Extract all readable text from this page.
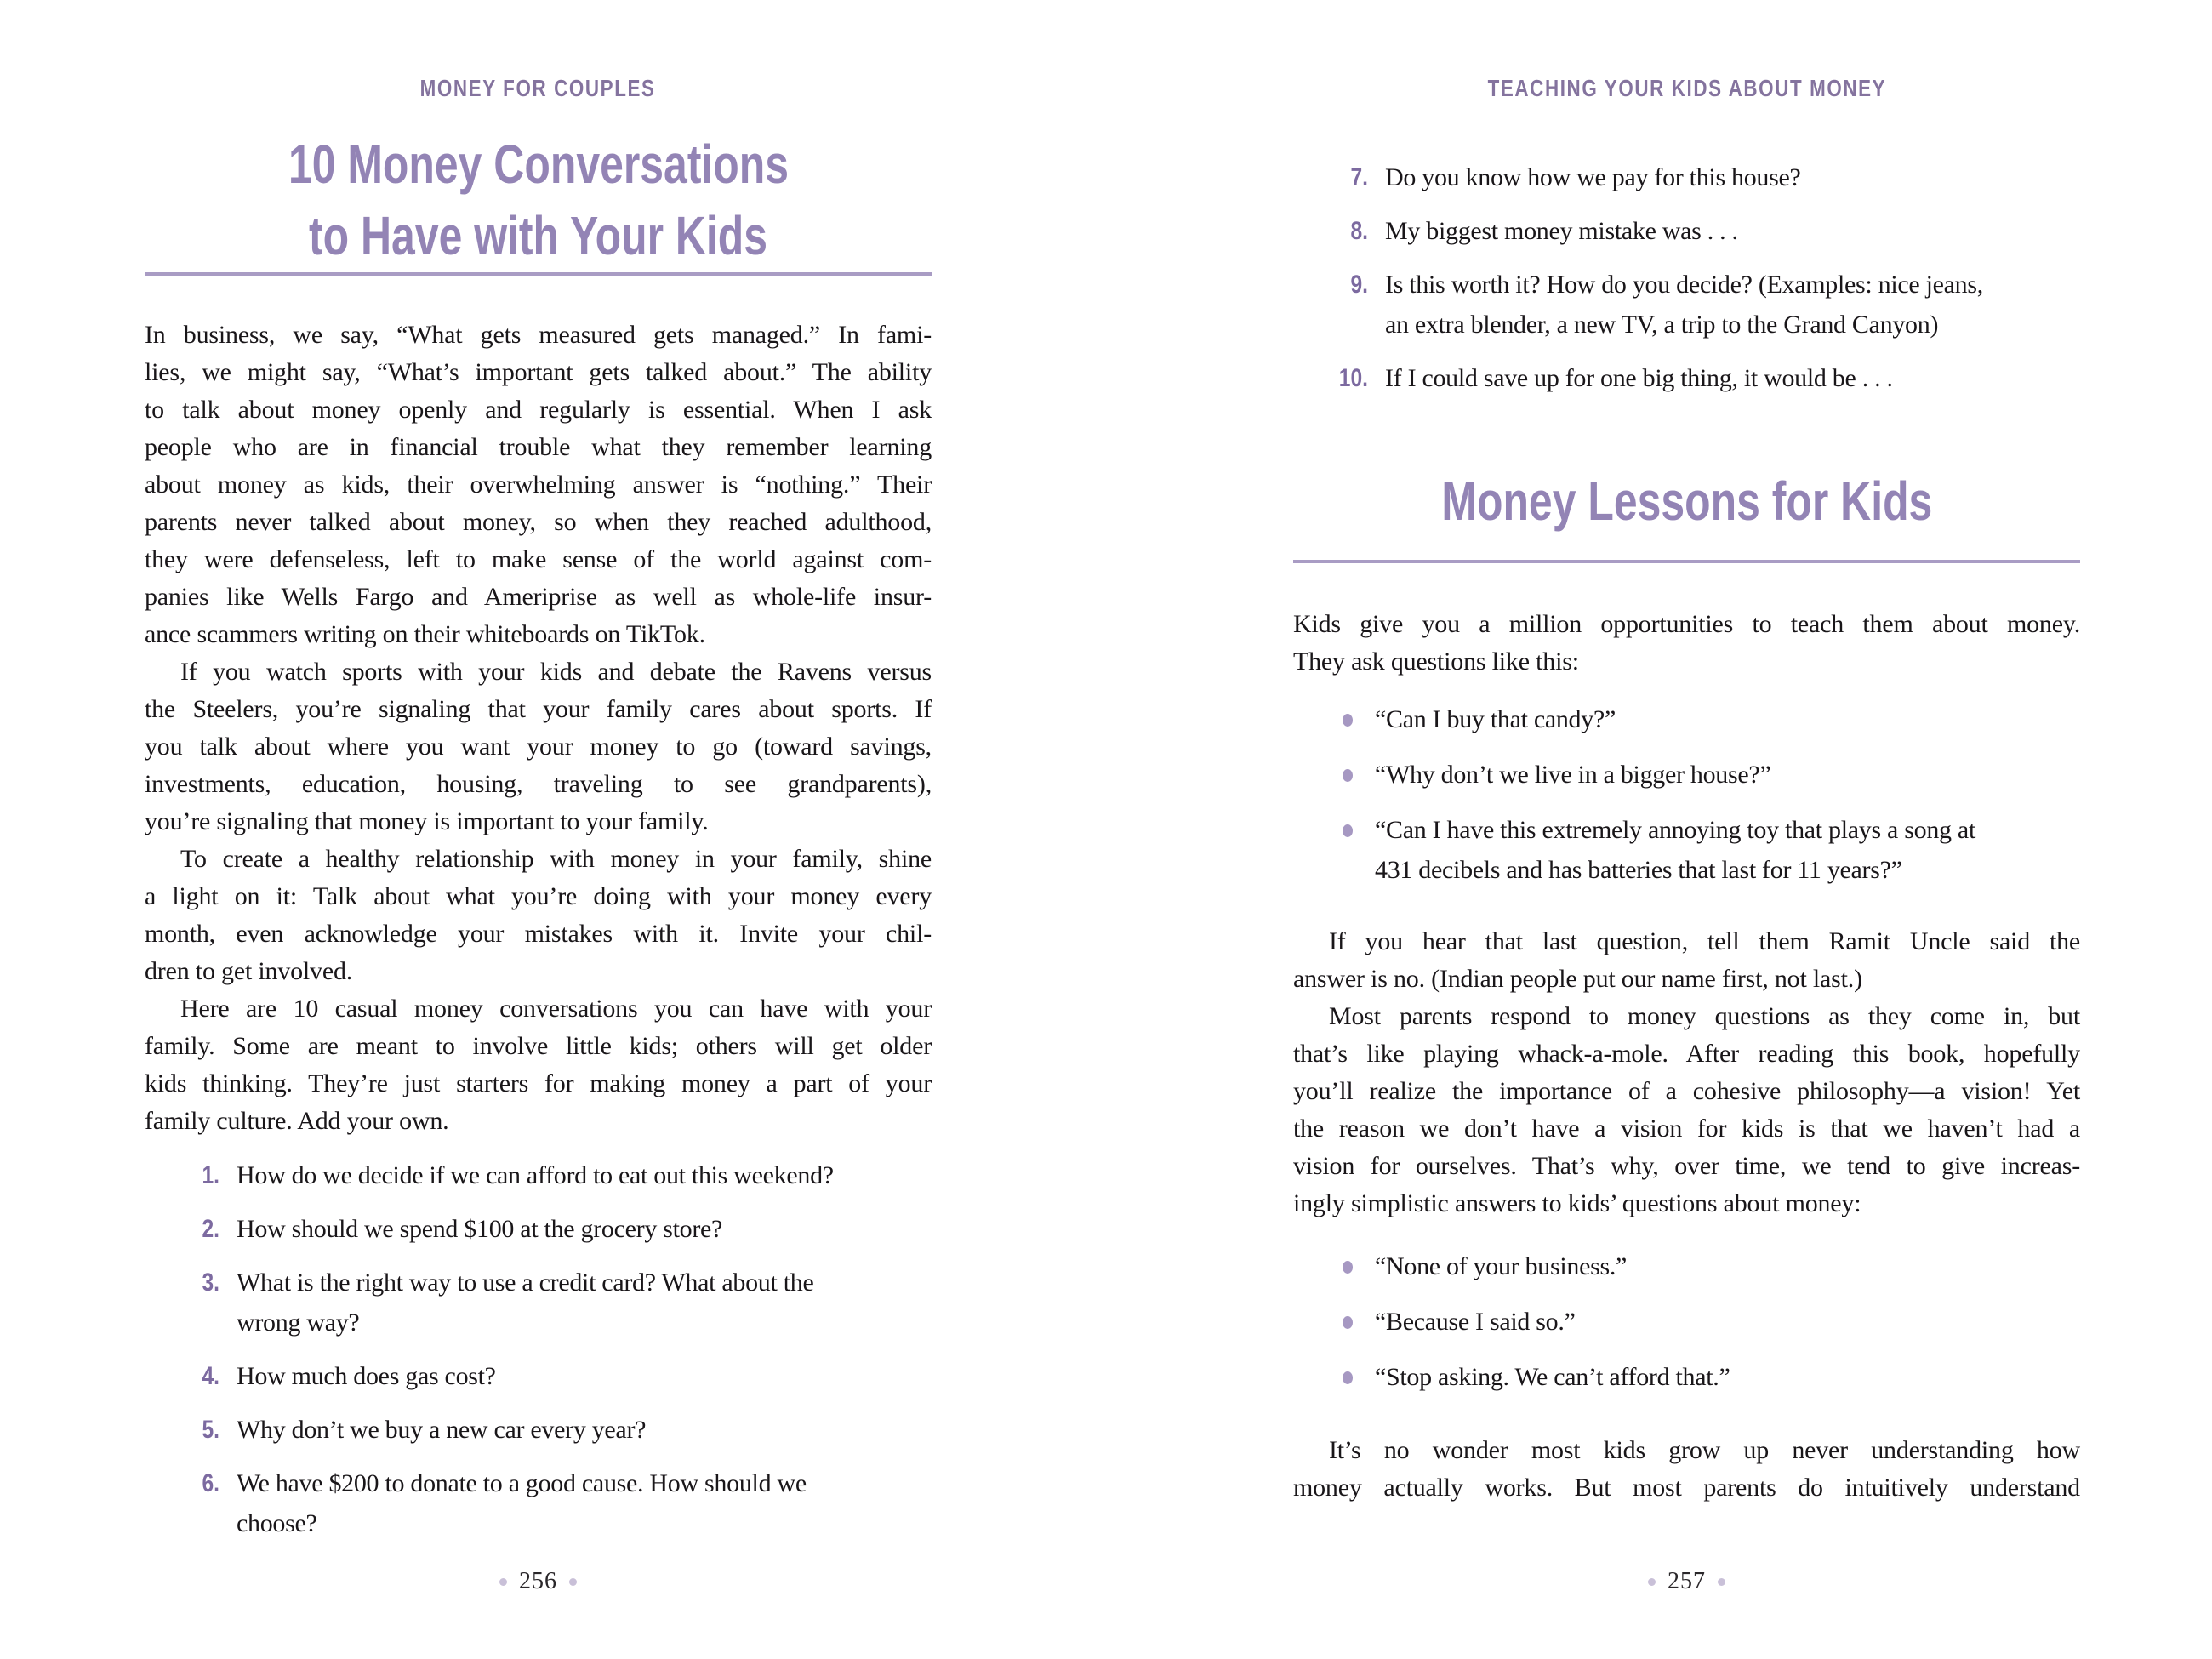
MONEY FOR COUPLES
10 Money Conversations
to Have with Your Kids
In business, we say, “What gets measured gets managed.” In fami-
lies, we might say, “What’s important gets talked about.” The ability
to talk about money openly and regularly is essential. When I ask
people who are in financial trouble what they remember learning
about money as kids, their overwhelming answer is “nothing.” Their
parents never talked about money, so when they reached adulthood,
they were defenseless, left to make sense of the world against com-
panies like Wells Fargo and Ameriprise as well as whole-life insur-
ance scammers writing on their whiteboards on TikTok.
If you watch sports with your kids and debate the Ravens versus
the Steelers, you’re signaling that your family cares about sports. If
you talk about where you want your money to go (toward savings,
investments, education, housing, traveling to see grandparents),
you’re signaling that money is important to your family.
To create a healthy relationship with money in your family, shine
a light on it: Talk about what you’re doing with your money every
month, even acknowledge your mistakes with it. Invite your chil-
dren to get involved.
Here are 10 casual money conversations you can have with your
family. Some are meant to involve little kids; others will get older
kids thinking. They’re just starters for making money a part of your
family culture. Add your own.
1. How do we decide if we can afford to eat out this weekend?
2. How should we spend $100 at the grocery store?
3. What is the right way to use a credit card? What about the
wrong way?
4. How much does gas cost?
5. Why don’t we buy a new car every year?
6. We have $200 to donate to a good cause. How should we
choose?
256
TEACHING YOUR KIDS ABOUT MONEY
7. Do you know how we pay for this house?
8. My biggest money mistake was . . .
9. Is this worth it? How do you decide? (Examples: nice jeans,
an extra blender, a new TV, a trip to the Grand Canyon)
10. If I could save up for one big thing, it would be . . .
Money Lessons for Kids
Kids give you a million opportunities to teach them about money.
They ask questions like this:
“Can I buy that candy?”
“Why don’t we live in a bigger house?”
“Can I have this extremely annoying toy that plays a song at
431 decibels and has batteries that last for 11 years?”
If you hear that last question, tell them Ramit Uncle said the
answer is no. (Indian people put our name first, not last.)
Most parents respond to money questions as they come in, but
that’s like playing whack-a-mole. After reading this book, hopefully
you’ll realize the importance of a cohesive philosophy—a vision! Yet
the reason we don’t have a vision for kids is that we haven’t had a
vision for ourselves. That’s why, over time, we tend to give increas-
ingly simplistic answers to kids’ questions about money:
“None of your business.”
“Because I said so.”
“Stop asking. We can’t afford that.”
It’s no wonder most kids grow up never understanding how
money actually works. But most parents do intuitively understand
257
